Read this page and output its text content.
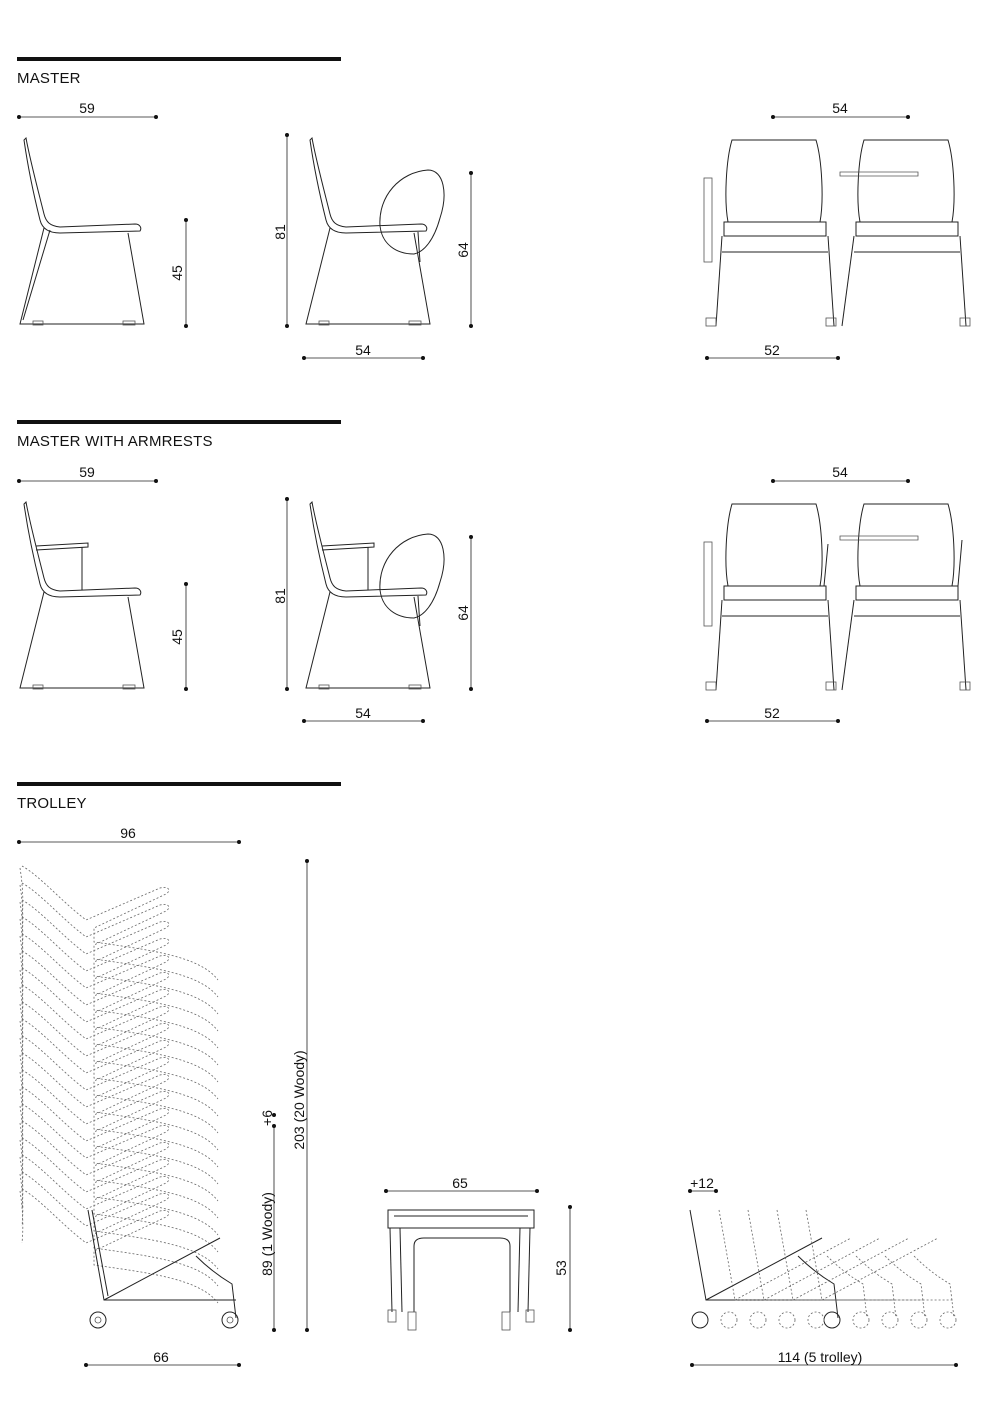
MASTER
MASTER WITH ARMRESTS
TROLLEY
59
45
81
64
54
54
52
59
45
81
64
54
54
52
96
66
203 (20 Woody)
89 (1 Woody)
+6
65
53
+12
114 (5 trolley)
